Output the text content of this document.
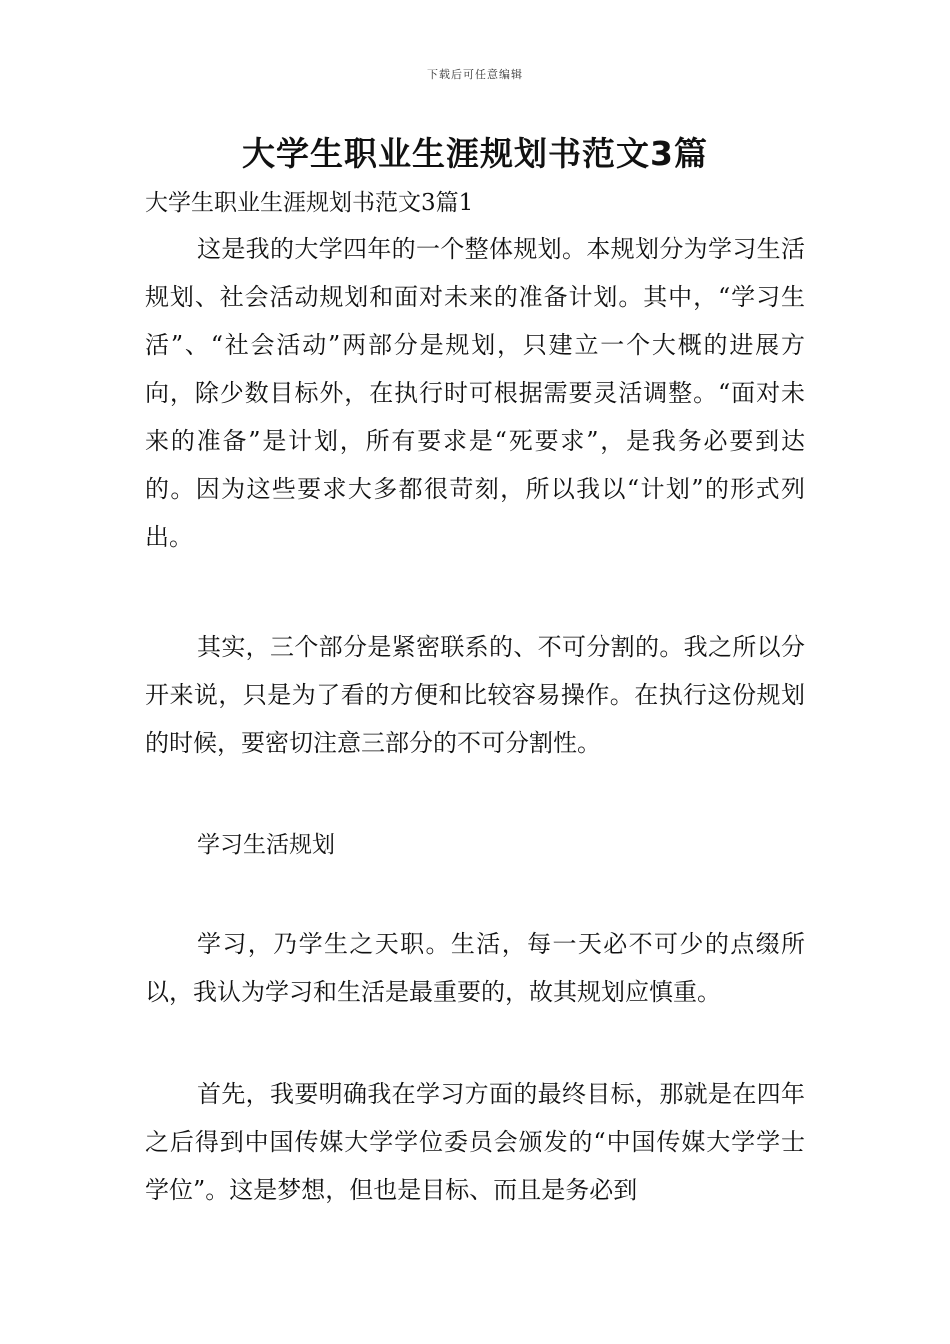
下载后可任意编辑
大学生职业生涯规划书范文3篇

大学生职业生涯规划书范文3篇1

这是我的大学四年的一个整体规划。本规划分为学习生活规划、社会活动规划和面对未来的准备计划。其中，“学习生活”、“社会活动”两部分是规划，只建立一个大概的进展方向，除少数目标外，在执行时可根据需要灵活调整。“面对未来的准备”是计划，所有要求是“死要求”，是我务必要到达的。因为这些要求大多都很苛刻，所以我以“计划”的形式列出。

其实，三个部分是紧密联系的、不可分割的。我之所以分开来说，只是为了看的方便和比较容易操作。在执行这份规划的时候，要密切注意三部分的不可分割性。

学习生活规划

学习，乃学生之天职。生活，每一天必不可少的点缀所以，我认为学习和生活是最重要的，故其规划应慎重。

首先，我要明确我在学习方面的最终目标，那就是在四年之后得到中国传媒大学学位委员会颁发的“中国传媒大学学士学位”。这是梦想，但也是目标、而且是务必到
